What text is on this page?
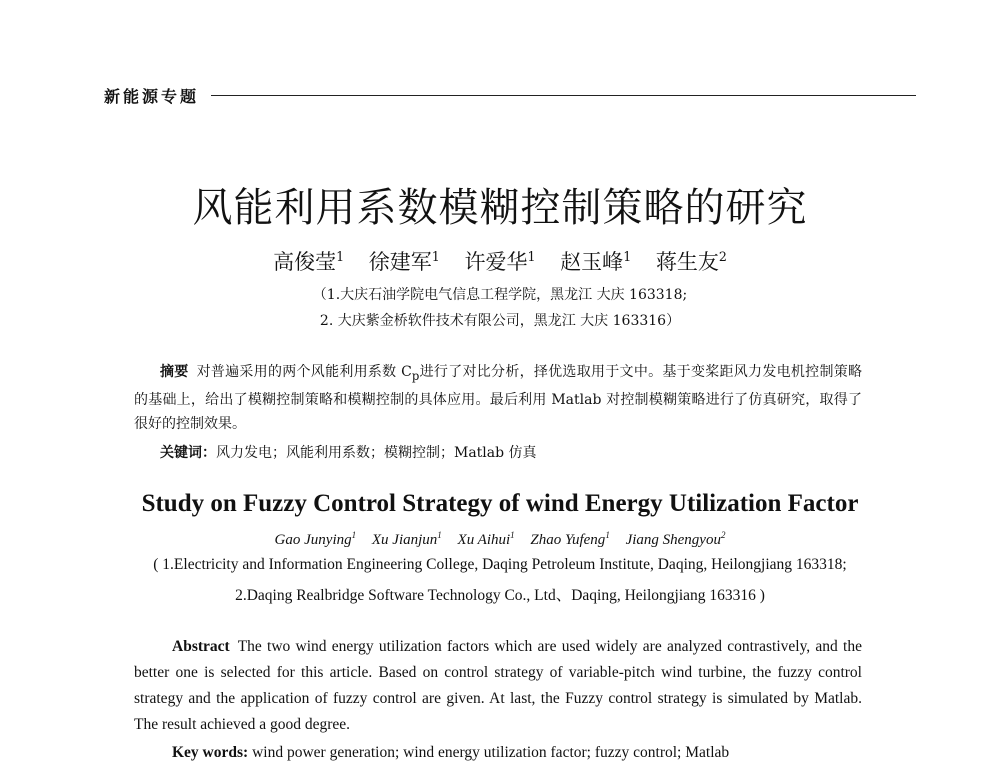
新能源专题
风能利用系数模糊控制策略的研究
高俊莹$^1$ 徐建军$^1$ 许爱华$^1$ 赵玉峰$^1$ 蒋生友$^2$
（1.大庆石油学院电气信息工程学院，黑龙江 大庆 163318;
2. 大庆紫金桥软件技术有限公司，黑龙江 大庆 163316）
摘要 对普遍采用的两个风能利用系数 $C_p$进行了对比分析，择优选取用于文中。基于变桨距风力发电机控制策略的基础上，给出了模糊控制策略和模糊控制的具体应用。最后利用 Matlab 对控制模糊策略进行了仿真研究，取得了很好的控制效果。
关键词：风力发电；风能利用系数；模糊控制；Matlab 仿真
Study on Fuzzy Control Strategy of wind Energy Utilization Factor
Gao Junying$^1$ Xu Jianjun$^1$ Xu Aihui$^1$ Zhao Yufeng$^1$ Jiang Shengyou$^2$
( 1.Electricity and Information Engineering College, Daqing Petroleum Institute, Daqing, Heilongjiang 163318;
2.Daqing Realbridge Software Technology Co., Ltd、Daqing, Heilongjiang 163316 )
Abstract The two wind energy utilization factors which are used widely are analyzed contrastively, and the better one is selected for this article. Based on control strategy of variable-pitch wind turbine, the fuzzy control strategy and the application of fuzzy control are given. At last, the Fuzzy control strategy is simulated by Matlab. The result achieved a good degree.
Key words: wind power generation; wind energy utilization factor; fuzzy control; Matlab
